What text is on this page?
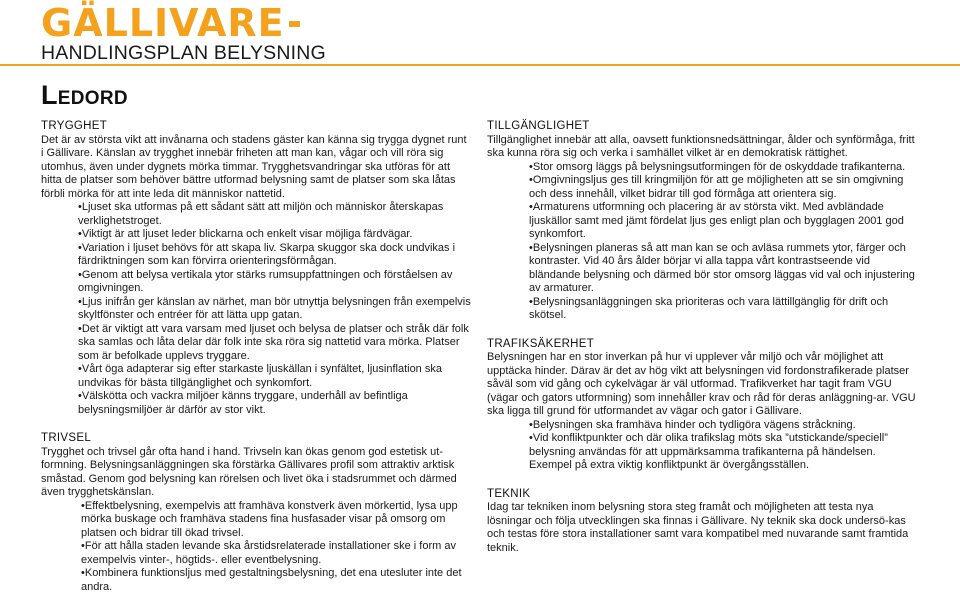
GÄLLIVARE
HANDLINGSPLAN BELYSNING
Ledord
TRYGGHET

Det är av största vikt att invånarna och stadens gäster kan känna sig trygga dygnet runt i Gällivare. Känslan av trygghet innebär friheten att man kan, vågar och vill röra sig utomhus, även under dygnets mörka timmar. Trygghetsvandringar ska utföras för att hitta de platser som behöver bättre utformad belysning samt de platser som ska låtas förbli mörka för att inte leda dit människor nattetid.

•Ljuset ska utformas på ett sådant sätt att miljön och människor återskapas verklighetstroget.

•Viktigt är att ljuset leder blickarna och enkelt visar möjliga färdvägar.

•Variation i ljuset behövs för att skapa liv. Skarpa skuggor ska dock undvikas i färdriktningen som kan förvirra orienteringsförmågan.

•Genom att belysa vertikala ytor stärks rumsuppfattningen och förståelsen av omgivningen.

•Ljus inifrån ger känslan av närhet, man bör utnyttja belysningen från exempelvis skyltfönster och entréer för att lätta upp gatan.

•Det är viktigt att vara varsam med ljuset och belysa de platser och stråk där folk ska samlas och låta delar där folk inte ska röra sig nattetid vara mörka. Platser som är befolkade upplevs tryggare.

•Vårt öga adapterar sig efter starkaste ljuskällan i synfältet, ljusinflation ska undvikas för bästa tillgänglighet och synkomfort.

•Välskötta och vackra miljöer känns tryggare, underhåll av befintliga belysningsmiljöer är därför av stor vikt.

TRIVSEL

Trygghet och trivsel går ofta hand i hand. Trivseln kan ökas genom god estetisk ut-formning. Belysningsanläggningen ska förstärka Gällivares profil som attraktiv arktisk småstad. Genom god belysning kan rörelsen och livet öka i stadsrummet och därmed även trygghetskänslan.

•Effektbelysning, exempelvis att framhäva konstverk även mörkertid, lysa upp mörka buskage och framhäva stadens fina husfasader visar på omsorg om platsen och bidrar till ökad trivsel.

•För att hålla staden levande ska årstidsrelaterade installationer ske i form av exempelvis vinter-, högtids-. eller eventbelysning.

•Kombinera funktionsljus med gestaltningsbelysning, det ena utesluter inte det andra.

TILLGÄNGLIGHET

Tillgänglighet innebär att alla, oavsett funktionsnedsättningar, ålder och synförmåga, fritt ska kunna röra sig och verka i samhället vilket är en demokratisk rättighet.

•Stor omsorg läggs på belysningsutformingen för de oskyddade trafikanterna.

•Omgivningsljus ges till kringmiljön för att ge möjligheten att se sin omgivning och dess innehåll, vilket bidrar till god förmåga att orientera sig.

•Armaturens utformning och placering är av största vikt. Med avbländade ljuskällor samt med jämt fördelat ljus ges enligt plan och bygglagen 2001 god synkomfort.

•Belysningen planeras så att man kan se och avläsa rummets ytor, färger och kontraster. Vid 40 års ålder börjar vi alla tappa vårt kontrastseende vid bländande belysning och därmed bör stor omsorg läggas vid val och injustering av armaturer.

•Belysningsanläggningen ska prioriteras och vara lättillgänglig för drift och skötsel.

TRAFIKSÄKERHET

Belysningen har en stor inverkan på hur vi upplever vår miljö och vår möjlighet att upptäcka hinder. Därav är det av hög vikt att belysningen vid fordonstrafikerade platser såväl som vid gång och cykelvägar är väl utformad. Trafikverket har tagit fram VGU (vägar och gators utformning) som innehåller krav och råd för deras anläggning-ar. VGU ska ligga till grund för utformandet av vägar och gator i Gällivare.

•Belysningen ska framhäva hinder och tydligöra vägens stråckning.

•Vid konfliktpunkter och där olika trafikslag möts ska ”utstickande/speciell” belysning användas för att uppmärksamma trafikanterna på händelsen. Exempel på extra viktig konfliktpunkt är övergångsställen.

TEKNIK

Idag tar tekniken inom belysning stora steg framåt och möjligheten att testa nya lösningar och följa utvecklingen ska finnas i Gällivare. Ny teknik ska dock undersö-kas och testas före stora installationer samt vara kompatibel med nuvarande samt framtida teknik.
